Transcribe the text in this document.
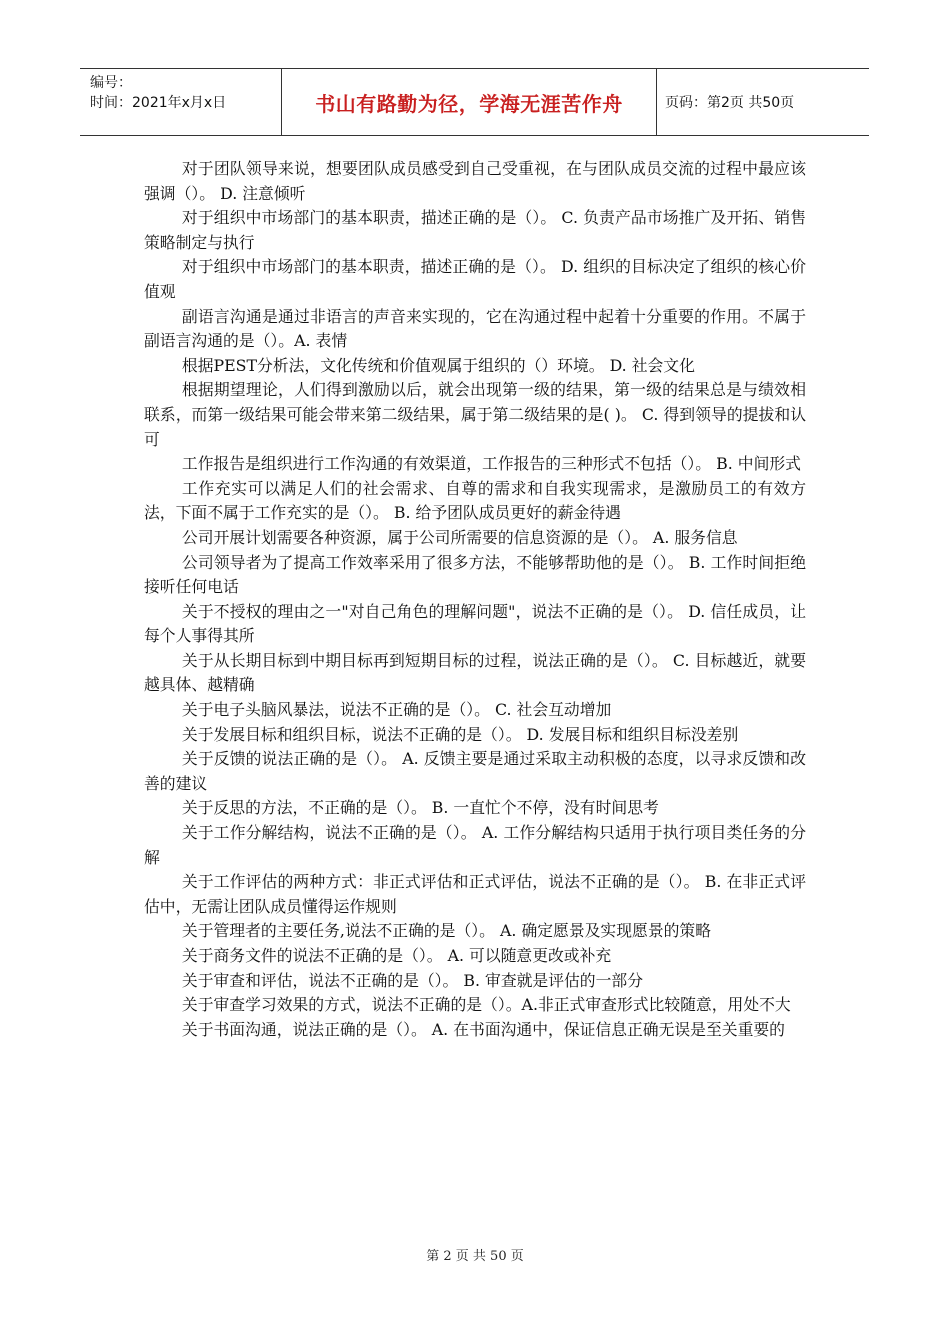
编号：
时间：2021年x月x日	书山有路勤为径，学海无涯苦作舟	页码：第2页 共50页

对于团队领导来说，想要团队成员感受到自己受重视，在与团队成员交流的过程中最应该强调（）。 D. 注意倾听

对于组织中市场部门的基本职责，描述正确的是（）。 C. 负责产品市场推广及开拓、销售策略制定与执行

对于组织中市场部门的基本职责，描述正确的是（）。 D. 组织的目标决定了组织的核心价值观

副语言沟通是通过非语言的声音来实现的，它在沟通过程中起着十分重要的作用。不属于副语言沟通的是（）。A. 表情

根据PEST分析法，文化传统和价值观属于组织的（）环境。 D. 社会文化

根据期望理论，人们得到激励以后，就会出现第一级的结果，第一级的结果总是与绩效相联系，而第一级结果可能会带来第二级结果，属于第二级结果的是( )。 C. 得到领导的提拔和认可

工作报告是组织进行工作沟通的有效渠道，工作报告的三种形式不包括（）。 B. 中间形式

工作充实可以满足人们的社会需求、自尊的需求和自我实现需求，是激励员工的有效方法，下面不属于工作充实的是（）。 B. 给予团队成员更好的薪金待遇

公司开展计划需要各种资源，属于公司所需要的信息资源的是（）。 A. 服务信息

公司领导者为了提高工作效率采用了很多方法，不能够帮助他的是（）。 B. 工作时间拒绝接听任何电话

关于不授权的理由之一"对自己角色的理解问题"，说法不正确的是（）。 D. 信任成员，让每个人事得其所

关于从长期目标到中期目标再到短期目标的过程，说法正确的是（）。 C. 目标越近，就要越具体、越精确

关于电子头脑风暴法，说法不正确的是（）。 C. 社会互动增加

关于发展目标和组织目标，说法不正确的是（）。 D. 发展目标和组织目标没差别

关于反馈的说法正确的是（）。 A. 反馈主要是通过采取主动积极的态度，以寻求反馈和改善的建议

关于反思的方法，不正确的是（）。 B. 一直忙个不停，没有时间思考

关于工作分解结构，说法不正确的是（）。 A. 工作分解结构只适用于执行项目类任务的分解

关于工作评估的两种方式：非正式评估和正式评估，说法不正确的是（）。 B. 在非正式评估中，无需让团队成员懂得运作规则

关于管理者的主要任务,说法不正确的是（）。 A. 确定愿景及实现愿景的策略

关于商务文件的说法不正确的是（）。 A. 可以随意更改或补充

关于审查和评估，说法不正确的是（）。 B. 审查就是评估的一部分

关于审查学习效果的方式，说法不正确的是（）。A.非正式审查形式比较随意，用处不大

关于书面沟通，说法正确的是（）。 A. 在书面沟通中，保证信息正确无误是至关重要的

第 2 页 共 50 页
